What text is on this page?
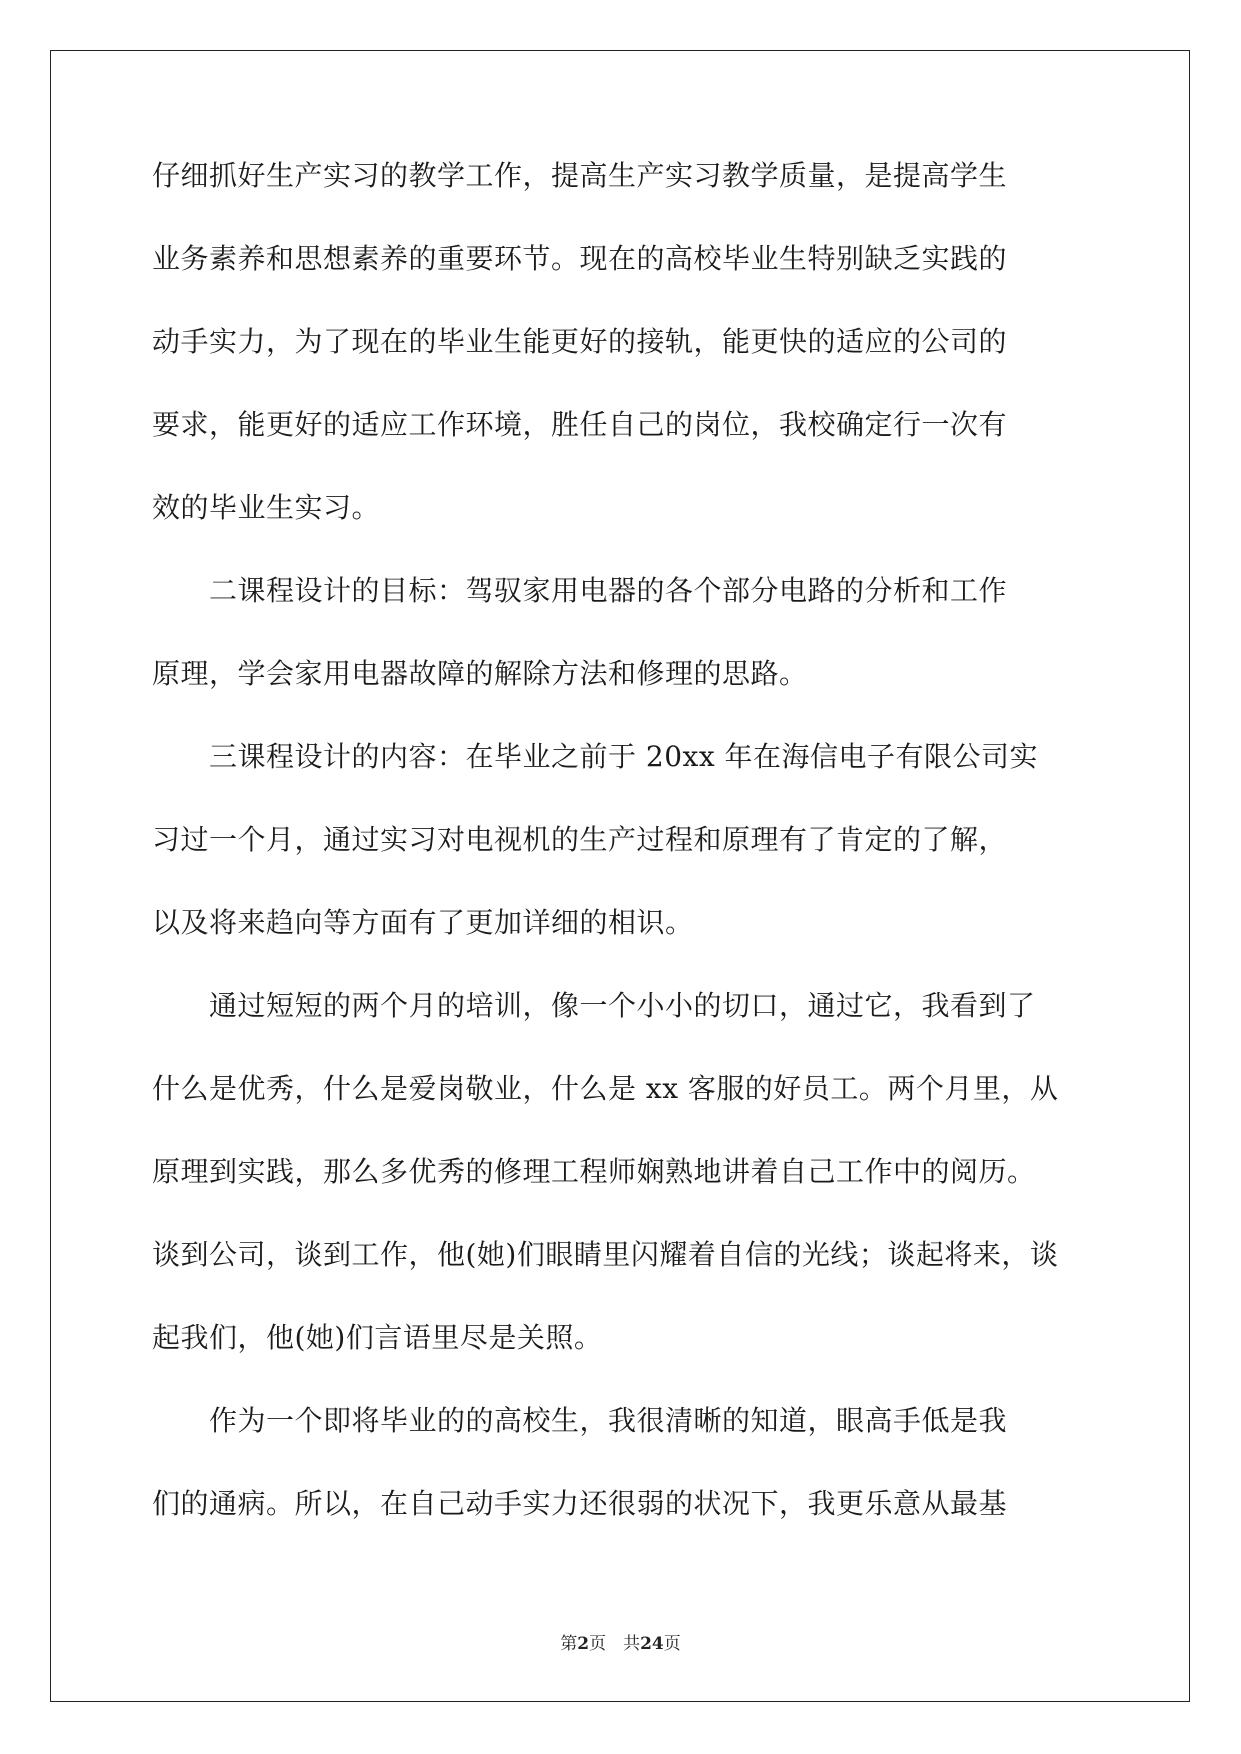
仔细抓好生产实习的教学工作，提高生产实习教学质量，是提高学生
业务素养和思想素养的重要环节。现在的高校毕业生特别缺乏实践的
动手实力，为了现在的毕业生能更好的接轨，能更快的适应的公司的
要求，能更好的适应工作环境，胜任自己的岗位，我校确定行一次有
效的毕业生实习。
　　二课程设计的目标：驾驭家用电器的各个部分电路的分析和工作
原理，学会家用电器故障的解除方法和修理的思路。
　　三课程设计的内容：在毕业之前于 20xx 年在海信电子有限公司实
习过一个月，通过实习对电视机的生产过程和原理有了肯定的了解，
以及将来趋向等方面有了更加详细的相识。
　　通过短短的两个月的培训，像一个小小的切口，通过它，我看到了
什么是优秀，什么是爱岗敬业，什么是 xx 客服的好员工。两个月里，从
原理到实践，那么多优秀的修理工程师娴熟地讲着自己工作中的阅历。
谈到公司，谈到工作，他(她)们眼睛里闪耀着自信的光线；谈起将来，谈
起我们，他(她)们言语里尽是关照。
　　作为一个即将毕业的的高校生，我很清晰的知道，眼高手低是我
们的通病。所以，在自己动手实力还很弱的状况下，我更乐意从最基
第2页　 共24页
